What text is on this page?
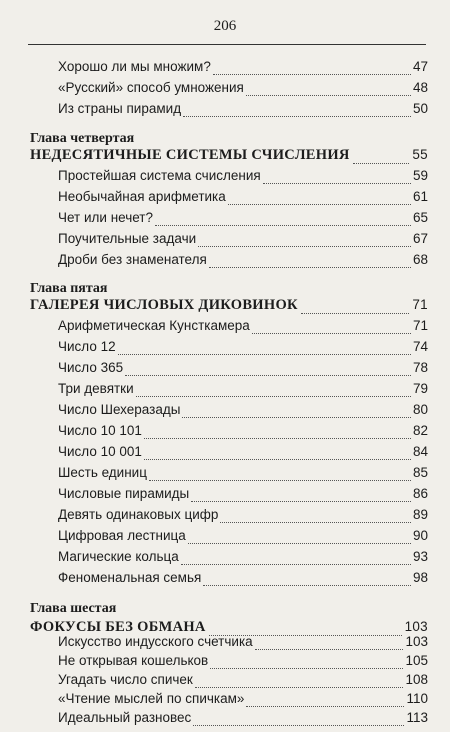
206
Хорошо ли мы множим?	47
«Русский» способ умножения	48
Из страны пирамид	50
Глава четвертая
НЕДЕСЯТИЧНЫЕ СИСТЕМЫ СЧИСЛЕНИЯ	55
Простейшая система счисления	59
Необычайная арифметика	61
Чет или нечет?	65
Поучительные задачи	67
Дроби без знаменателя	68
Глава пятая
ГАЛЕРЕЯ ЧИСЛОВЫХ ДИКОВИНОК	71
Арифметическая Кунсткамера	71
Число 12	74
Число 365	78
Три девятки	79
Число Шехеразады	80
Число 10 101	82
Число 10 001	84
Шесть единиц	85
Числовые пирамиды	86
Девять одинаковых цифр	89
Цифровая лестница	90
Магические кольца	93
Феноменальная семья	98
Глава шестая
ФОКУСЫ БЕЗ ОБМАНА	103
Искусство индусского счетчика	103
Не открывая кошельков	105
Угадать число спичек	108
«Чтение мыслей по спичкам»	110
Идеальный разновес	113
